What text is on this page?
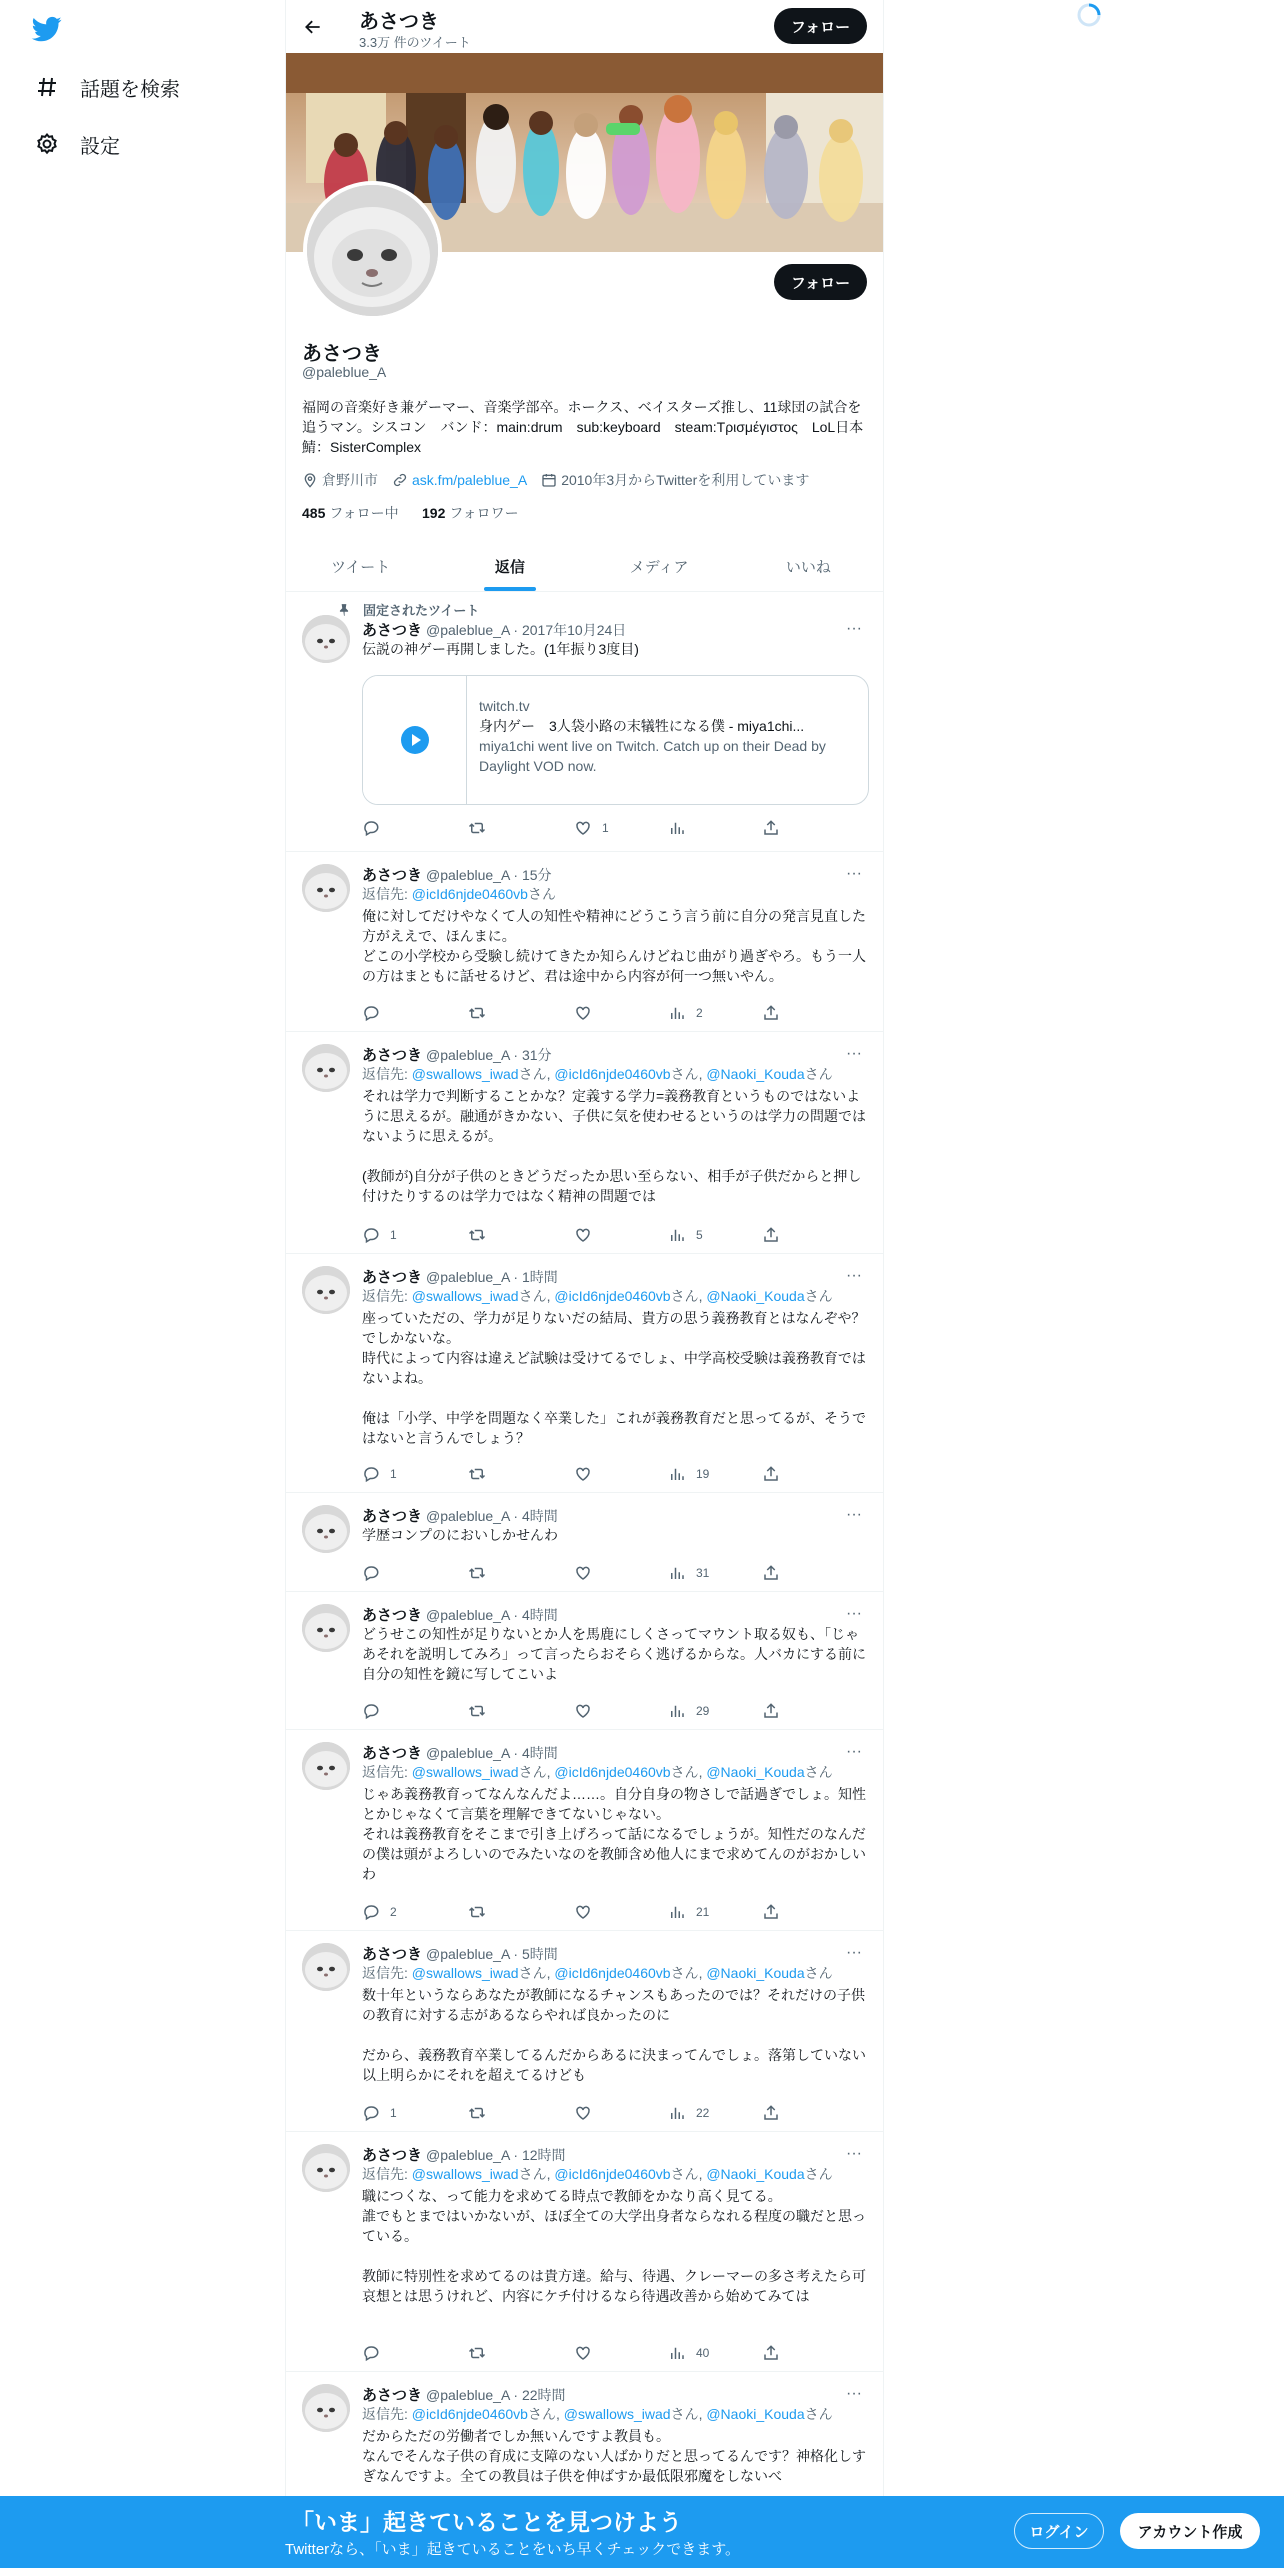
話題を検索
設定
あさつき
3.3万 件のツイート
フォロー
フォロー
あさつき
@paleblue_A
福岡の音楽好き兼ゲーマー、音楽学部卒。ホークス、ベイスターズ推し、11球団の試合を追うマン。シスコン　バンド：main:drum　sub:keyboard　steam:Τρισμέγιστος　LoL日本鯖：SisterComplex
倉野川市 ask.fm/paleblue_A 2010年3月からTwitterを利用しています
485 フォロー中 192 フォロワー
ツイート	返信	メディア	いいね
固定されたツイート
···
あさつき @paleblue_A · 2017年10月24日
伝説の神ゲー再開しました。(1年振り3度目)
1
···
あさつき @paleblue_A · 15分
返信先: @icId6njde0460vbさん
俺に対してだけやなくて人の知性や精神にどうこう言う前に自分の発言見直した方がええで、ほんまに。
どこの小学校から受験し続けてきたか知らんけどねじ曲がり過ぎやろ。もう一人の方はまともに話せるけど、君は途中から内容が何一つ無いやん。
2
···
あさつき @paleblue_A · 31分
返信先: @swallows_iwadさん, @icId6njde0460vbさん, @Naoki_Koudaさん
それは学力で判断することかな？定義する学力=義務教育というものではないように思えるが。融通がきかない、子供に気を使わせるというのは学力の問題ではないように思えるが。

(教師が)自分が子供のときどうだったか思い至らない、相手が子供だからと押し付けたりするのは学力ではなく精神の問題では
1	5
···
あさつき @paleblue_A · 1時間
返信先: @swallows_iwadさん, @icId6njde0460vbさん, @Naoki_Koudaさん
座っていただの、学力が足りないだの結局、貴方の思う義務教育とはなんぞや？でしかないな。
時代によって内容は違えど試験は受けてるでしょ、中学高校受験は義務教育ではないよね。

俺は「小学、中学を問題なく卒業した」これが義務教育だと思ってるが、そうではないと言うんでしょう？
1	19
···
あさつき @paleblue_A · 4時間
学歴コンプのにおいしかせんわ
31
···
あさつき @paleblue_A · 4時間
どうせこの知性が足りないとか人を馬鹿にしくさってマウント取る奴も、「じゃあそれを説明してみろ」って言ったらおそらく逃げるからな。人バカにする前に自分の知性を鏡に写してこいよ
29
···
あさつき @paleblue_A · 4時間
返信先: @swallows_iwadさん, @icId6njde0460vbさん, @Naoki_Koudaさん
じゃあ義務教育ってなんなんだよ……。自分自身の物さしで話過ぎでしょ。知性とかじゃなくて言葉を理解できてないじゃない。
それは義務教育をそこまで引き上げろって話になるでしょうが。知性だのなんだの僕は頭がよろしいのでみたいなのを教師含め他人にまで求めてんのがおかしいわ
2	21
···
あさつき @paleblue_A · 5時間
返信先: @swallows_iwadさん, @icId6njde0460vbさん, @Naoki_Koudaさん
数十年というならあなたが教師になるチャンスもあったのでは？それだけの子供の教育に対する志があるならやれば良かったのに

だから、義務教育卒業してるんだからあるに決まってんでしょ。落第していない以上明らかにそれを超えてるけども
1	22
···
あさつき @paleblue_A · 12時間
返信先: @swallows_iwadさん, @icId6njde0460vbさん, @Naoki_Koudaさん
職につくな、って能力を求めてる時点で教師をかなり高く見てる。
誰でもとまではいかないが、ほぼ全ての大学出身者ならなれる程度の職だと思っている。

教師に特別性を求めてるのは貴方達。給与、待遇、クレーマーの多さ考えたら可哀想とは思うけれど、内容にケチ付けるなら待遇改善から始めてみては
40
···
あさつき @paleblue_A · 22時間
返信先: @icId6njde0460vbさん, @swallows_iwadさん, @Naoki_Koudaさん
だからただの労働者でしか無いんですよ教員も。
なんでそんな子供の育成に支障のない人ばかりだと思ってるんです？神格化しすぎなんですよ。全ての教員は子供を伸ばすか最低限邪魔をしないべ
twitch.tv
身内ゲー　3人袋小路の末犠牲になる僕 - miya1chi...
miya1chi went live on Twitch. Catch up on their Dead by Daylight VOD now.
「いま」起きていることを見つけよう
Twitterなら、「いま」起きていることをいち早くチェックできます。
ログイン	アカウント作成
